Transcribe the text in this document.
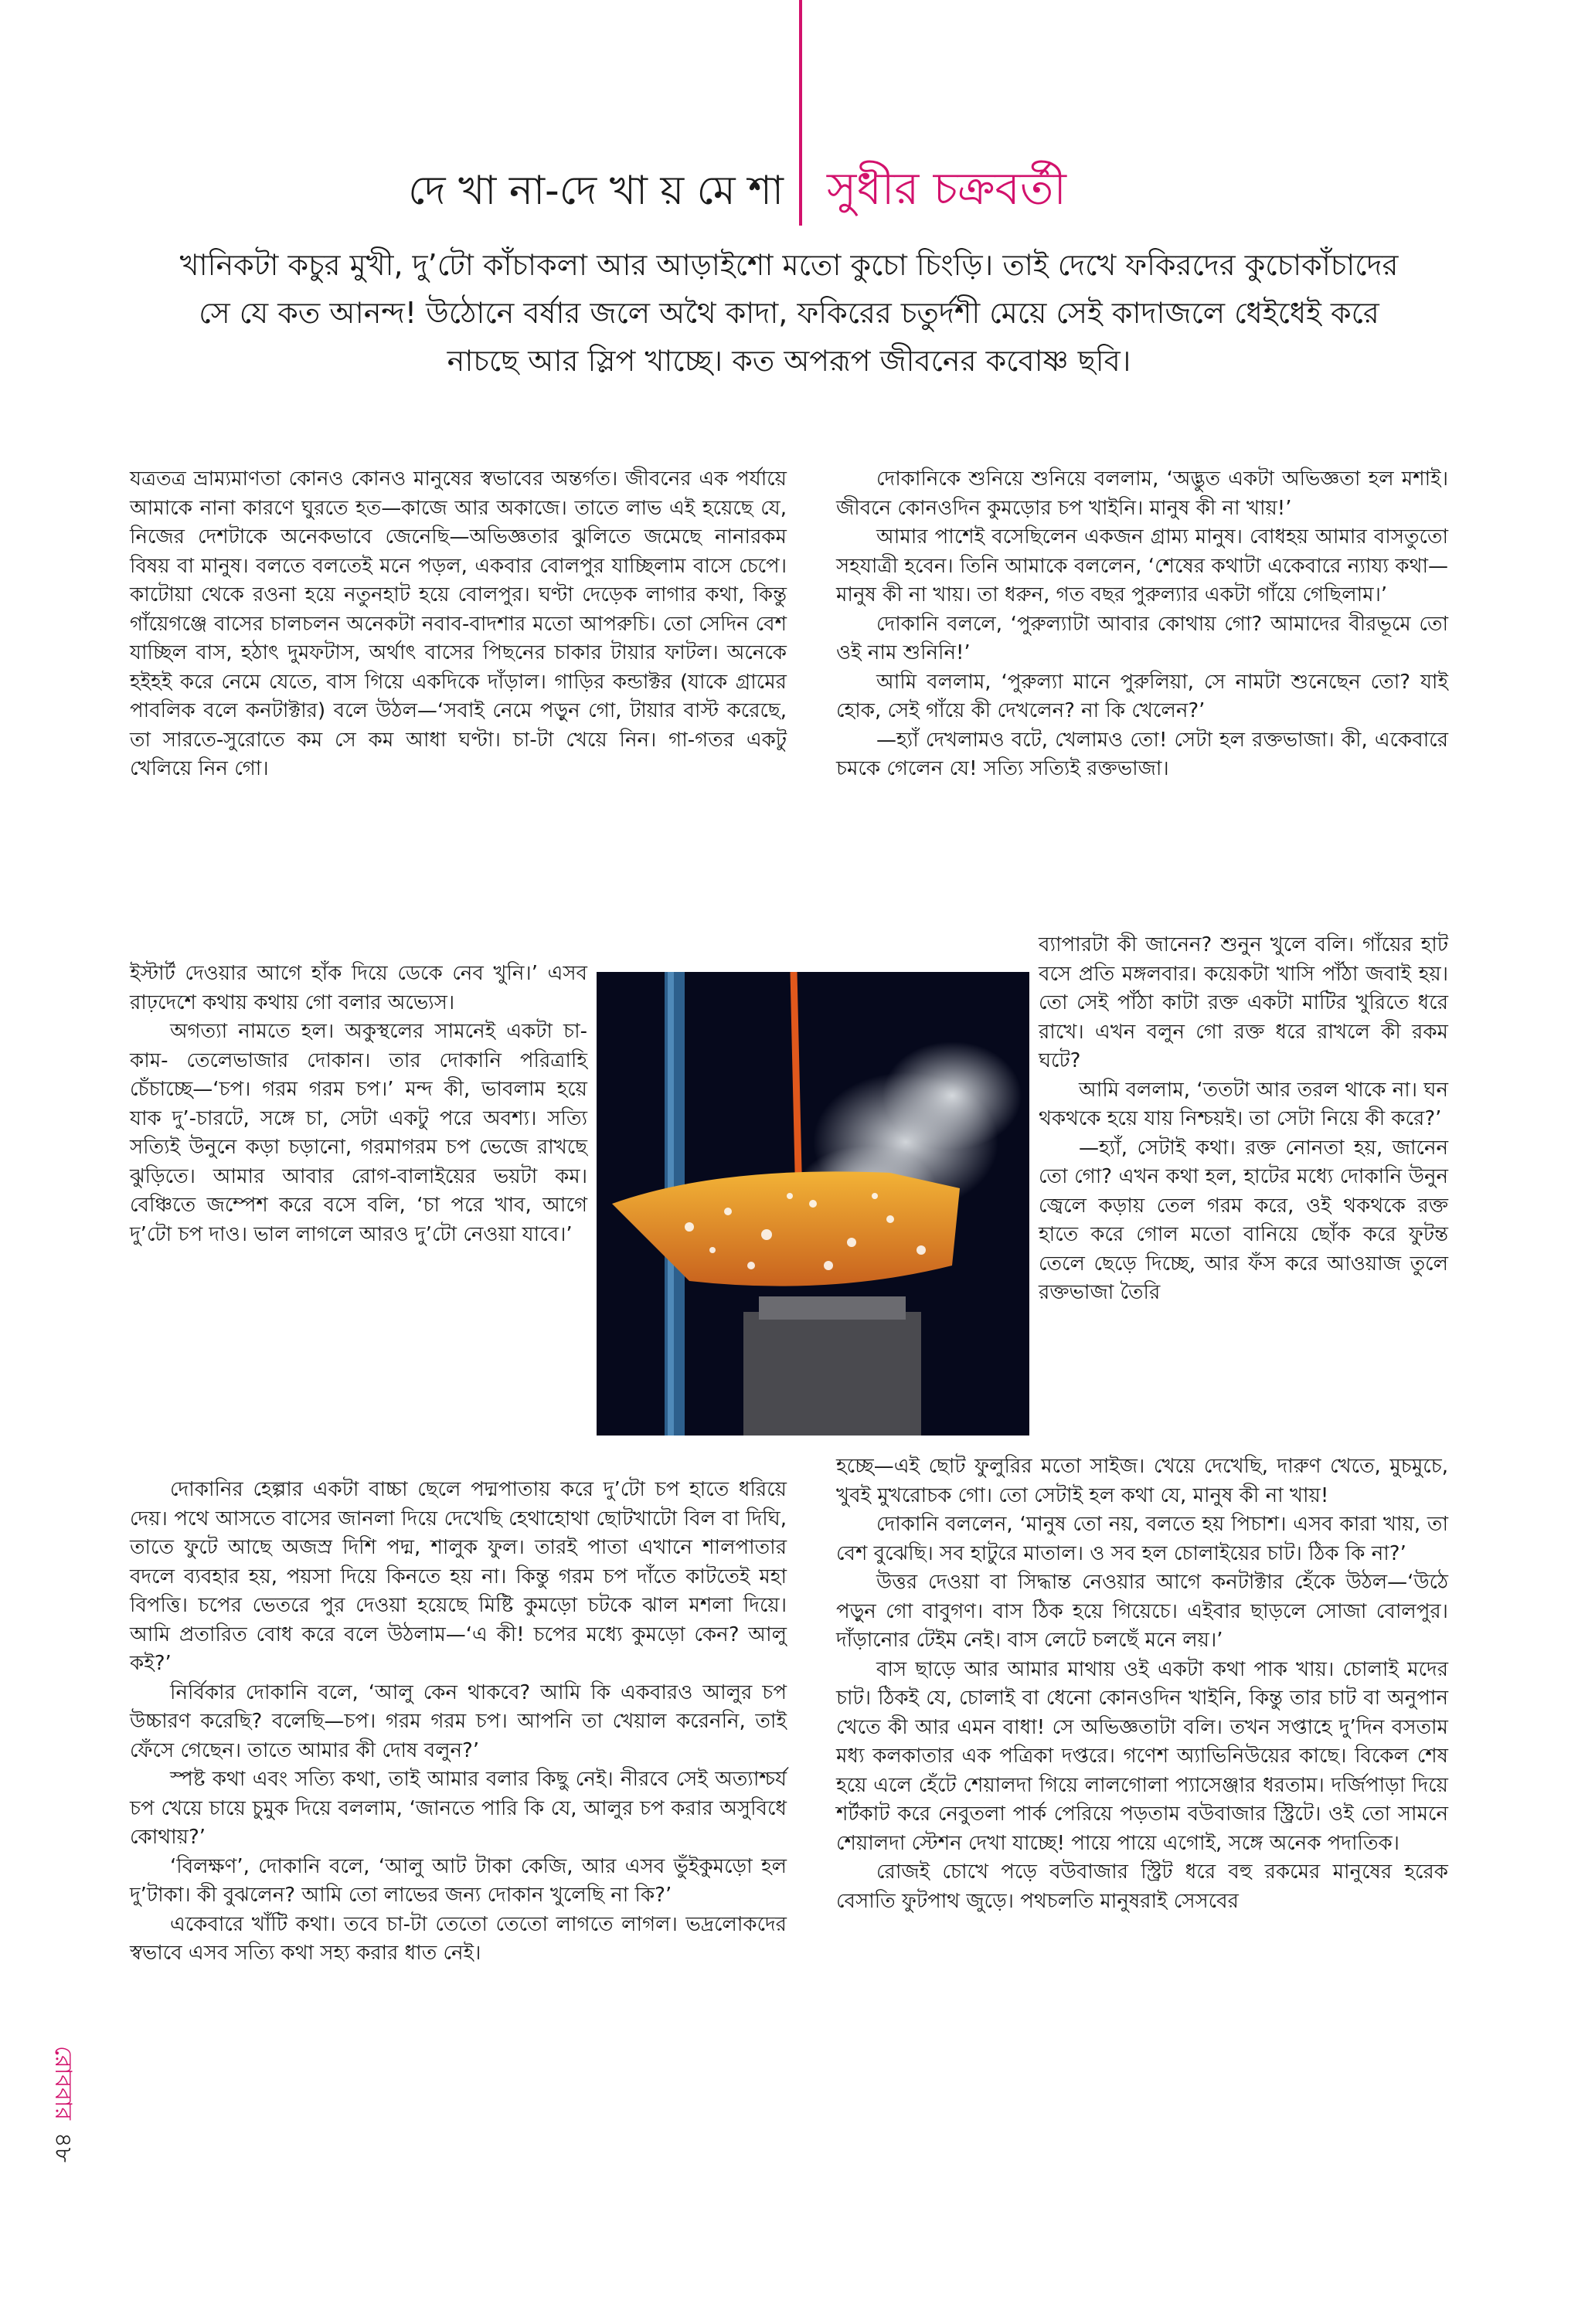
দে খা না-দে খা য় মে শা সুধীর চক্রবর্তী

খানিকটা কচুর মুখী, দু’টো কাঁচাকলা আর আড়াইশো মতো কুচো চিংড়ি। তাই দেখে ফকিরদের কুচোকাঁচাদের সে যে কত আনন্দ! উঠোনে বর্ষার জলে অথৈ কাদা, ফকিরের চতুর্দশী মেয়ে সেই কাদাজলে ধেইধেই করে নাচছে আর স্লিপ খাচ্ছে। কত অপরূপ জীবনের কবোষ্ণ ছবি।

যত্রতত্র ভ্রাম্যমাণতা কোনও কোনও মানুষের স্বভাবের অন্তর্গত। জীবনের এক পর্যায়ে আমাকে নানা কারণে ঘুরতে হত—কাজে আর অকাজে। তাতে লাভ এই হয়েছে যে, নিজের দেশটাকে অনেকভাবে জেনেছি—অভিজ্ঞতার ঝুলিতে জমেছে নানারকম বিষয় বা মানুষ। বলতে বলতেই মনে পড়ল, একবার বোলপুর যাচ্ছিলাম বাসে চেপে। কাটোয়া থেকে রওনা হয়ে নতুনহাট হয়ে বোলপুর। ঘণ্টা দেড়েক লাগার কথা, কিন্তু গাঁয়েগঞ্জে বাসের চালচলন অনেকটা নবাব-বাদশার মতো আপরুচি। তো সেদিন বেশ যাচ্ছিল বাস, হঠাৎ দুমফটাস, অর্থাৎ বাসের পিছনের চাকার টায়ার ফাটল। অনেকে হইহই করে নেমে যেতে, বাস গিয়ে একদিকে দাঁড়াল। গাড়ির কন্ডাক্টর (যাকে গ্রামের পাবলিক বলে কনটাক্টার) বলে উঠল—‘সবাই নেমে পড়ুন গো, টায়ার বাস্ট করেছে, তা সারতে-সুরোতে কম সে কম আধা ঘণ্টা। চা-টা খেয়ে নিন। গা-গতর একটু খেলিয়ে নিন গো।

ইস্টার্ট দেওয়ার আগে হাঁক দিয়ে ডেকে নেব খুনি।’ এসব রাঢ়দেশে কথায় কথায় গো বলার অভ্যেস।

অগত্যা নামতে হল। অকুস্থলের সামনেই একটা চা-কাম- তেলেভাজার দোকান। তার দোকানি পরিত্রাহি চেঁচাচ্ছে—‘চপ। গরম গরম চপ।’ মন্দ কী, ভাবলাম হয়ে যাক দু’-চারটে, সঙ্গে চা, সেটা একটু পরে অবশ্য। সত্যি সত্যিই উনুনে কড়া চড়ানো, গরমাগরম চপ ভেজে রাখছে ঝুড়িতে। আমার আবার রোগ-বালাইয়ের ভয়টা কম। বেঞ্চিতে জম্পেশ করে বসে বলি, ‘চা পরে খাব, আগে দু’টো চপ দাও। ভাল লাগলে আরও দু’টো নেওয়া যাবে।’

দোকানির হেল্পার একটা বাচ্চা ছেলে পদ্মপাতায় করে দু’টো চপ হাতে ধরিয়ে দেয়। পথে আসতে বাসের জানলা দিয়ে দেখেছি হেথাহোথা ছোটখাটো বিল বা দিঘি, তাতে ফুটে আছে অজস্র দিশি পদ্ম, শালুক ফুল। তারই পাতা এখানে শালপাতার বদলে ব্যবহার হয়, পয়সা দিয়ে কিনতে হয় না। কিন্তু গরম চপ দাঁতে কাটতেই মহা বিপত্তি। চপের ভেতরে পুর দেওয়া হয়েছে মিষ্টি কুমড়ো চটকে ঝাল মশলা দিয়ে। আমি প্রতারিত বোধ করে বলে উঠলাম—‘এ কী! চপের মধ্যে কুমড়ো কেন? আলু কই?’

নির্বিকার দোকানি বলে, ‘আলু কেন থাকবে? আমি কি একবারও আলুর চপ উচ্চারণ করেছি? বলেছি—চপ। গরম গরম চপ। আপনি তা খেয়াল করেননি, তাই ফেঁসে গেছেন। তাতে আমার কী দোষ বলুন?’

স্পষ্ট কথা এবং সত্যি কথা, তাই আমার বলার কিছু নেই। নীরবে সেই অত্যাশ্চর্য চপ খেয়ে চায়ে চুমুক দিয়ে বললাম, ‘জানতে পারি কি যে, আলুর চপ করার অসুবিধে কোথায়?’

‘বিলক্ষণ’, দোকানি বলে, ‘আলু আট টাকা কেজি, আর এসব ভুঁইকুমড়ো হল দু’টাকা। কী বুঝলেন? আমি তো লাভের জন্য দোকান খুলেছি না কি?’

একেবারে খাঁটি কথা। তবে চা-টা তেতো তেতো লাগতে লাগল। ভদ্রলোকদের স্বভাবে এসব সত্যি কথা সহ্য করার ধাত নেই।

দোকানিকে শুনিয়ে শুনিয়ে বললাম, ‘অদ্ভুত একটা অভিজ্ঞতা হল মশাই। জীবনে কোনওদিন কুমড়োর চপ খাইনি। মানুষ কী না খায়!’

আমার পাশেই বসেছিলেন একজন গ্রাম্য মানুষ। বোধহয় আমার বাসতুতো সহযাত্রী হবেন। তিনি আমাকে বললেন, ‘শেষের কথাটা একেবারে ন্যায্য কথা—মানুষ কী না খায়। তা ধরুন, গত বছর পুরুল্যার একটা গাঁয়ে গেছিলাম।’

দোকানি বললে, ‘পুরুল্যাটা আবার কোথায় গো? আমাদের বীরভূমে তো ওই নাম শুনিনি!’

আমি বললাম, ‘পুরুল্যা মানে পুরুলিয়া, সে নামটা শুনেছেন তো? যাই হোক, সেই গাঁয়ে কী দেখলেন? না কি খেলেন?’

—হ্যাঁ দেখলামও বটে, খেলামও তো! সেটা হল রক্তভাজা। কী, একেবারে চমকে গেলেন যে! সত্যি সত্যিই রক্তভাজা।

ব্যাপারটা কী জানেন? শুনুন খুলে বলি। গাঁয়ের হাট বসে প্রতি মঙ্গলবার। কয়েকটা খাসি পাঁঠা জবাই হয়। তো সেই পাঁঠা কাটা রক্ত একটা মাটির খুরিতে ধরে রাখে। এখন বলুন গো রক্ত ধরে রাখলে কী রকম ঘটে?

আমি বললাম, ‘ততটা আর তরল থাকে না। ঘন থকথকে হয়ে যায় নিশ্চয়ই। তা সেটা নিয়ে কী করে?’

—হ্যাঁ, সেটাই কথা। রক্ত নোনতা হয়, জানেন তো গো? এখন কথা হল, হাটের মধ্যে দোকানি উনুন জ্বেলে কড়ায় তেল গরম করে, ওই থকথকে রক্ত হাতে করে গোল মতো বানিয়ে ছোঁক করে ফুটন্ত তেলে ছেড়ে দিচ্ছে, আর ফঁস করে আওয়াজ তুলে রক্তভাজা তৈরি

হচ্ছে—এই ছোট ফুলুরির মতো সাইজ। খেয়ে দেখেছি, দারুণ খেতে, মুচমুচে, খুবই মুখরোচক গো। তো সেটাই হল কথা যে, মানুষ কী না খায়!

দোকানি বললেন, ‘মানুষ তো নয়, বলতে হয় পিচাশ। এসব কারা খায়, তা বেশ বুঝেছি। সব হাটুরে মাতাল। ও সব হল চোলাইয়ের চাট। ঠিক কি না?’

উত্তর দেওয়া বা সিদ্ধান্ত নেওয়ার আগে কনটাক্টার হেঁকে উঠল—‘উঠে পড়ুন গো বাবুগণ। বাস ঠিক হয়ে গিয়েচে। এইবার ছাড়লে সোজা বোলপুর। দাঁড়ানোর টেইম নেই। বাস লেটে চলছেঁ মনে লয়।’

বাস ছাড়ে আর আমার মাথায় ওই একটা কথা পাক খায়। চোলাই মদের চাট। ঠিকই যে, চোলাই বা ধেনো কোনওদিন খাইনি, কিন্তু তার চাট বা অনুপান খেতে কী আর এমন বাধা! সে অভিজ্ঞতাটা বলি। তখন সপ্তাহে দু’দিন বসতাম মধ্য কলকাতার এক পত্রিকা দপ্তরে। গণেশ অ্যাভিনিউয়ের কাছে। বিকেল শেষ হয়ে এলে হেঁটে শেয়ালদা গিয়ে লালগোলা প্যাসেঞ্জার ধরতাম। দর্জিপাড়া দিয়ে শর্টকাট করে নেবুতলা পার্ক পেরিয়ে পড়তাম বউবাজার স্ট্রিটে। ওই তো সামনে শেয়ালদা স্টেশন দেখা যাচ্ছে! পায়ে পায়ে এগোই, সঙ্গে অনেক পদাতিক।

রোজই চোখে পড়ে বউবাজার স্ট্রিট ধরে বহু রকমের মানুষের হরেক বেসাতি ফুটপাথ জুড়ে। পথচলতি মানুষরাই সেসবের

রোববার
৪৮
